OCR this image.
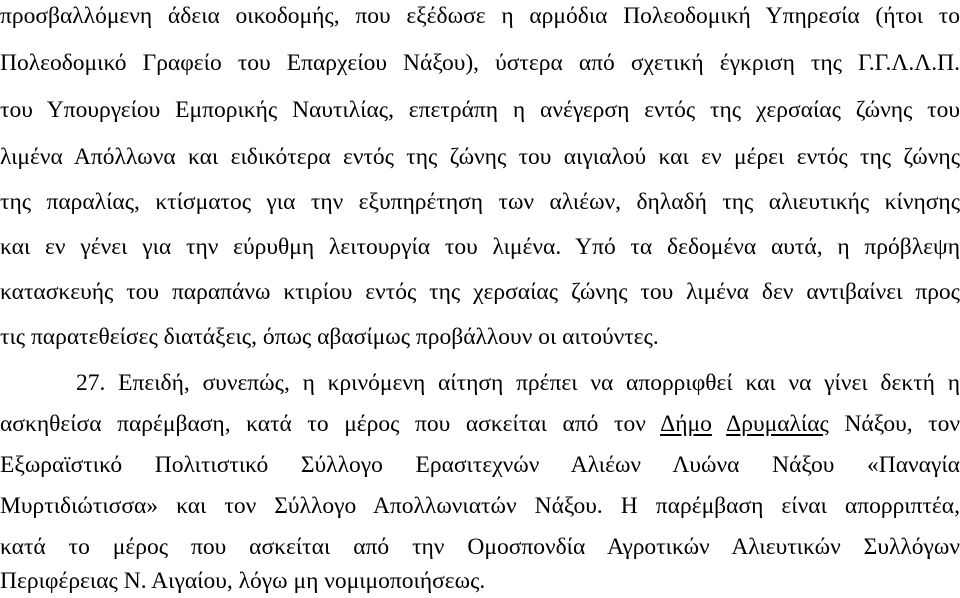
προσβαλλόμενη άδεια οικοδομής, που εξέδωσε η αρμόδια Πολεοδομική Υπηρεσία (ήτοι το
Πολεοδομικό Γραφείο του Επαρχείου Νάξου), ύστερα από σχετική έγκριση της Γ.Γ.Λ.Λ.Π.
του Υπουργείου Εμπορικής Ναυτιλίας, επετράπη η ανέγερση εντός της χερσαίας ζώνης του
λιμένα Απόλλωνα και ειδικότερα εντός της ζώνης του αιγιαλού και εν μέρει εντός της ζώνης
της παραλίας, κτίσματος για την εξυπηρέτηση των αλιέων, δηλαδή της αλιευτικής κίνησης
και εν γένει για την εύρυθμη λειτουργία του λιμένα. Υπό τα δεδομένα αυτά, η πρόβλεψη
κατασκευής του παραπάνω κτιρίου εντός της χερσαίας ζώνης του λιμένα δεν αντιβαίνει προς
τις παρατεθείσες διατάξεις, όπως αβασίμως προβάλλουν οι αιτούντες.
27. Επειδή, συνεπώς, η κρινόμενη αίτηση πρέπει να απορριφθεί και να γίνει δεκτή η
ασκηθείσα παρέμβαση, κατά το μέρος που ασκείται από τον Δήμο Δρυμαλίας Νάξου, τον
Εξωραϊστικό Πολιτιστικό Σύλλογο Ερασιτεχνών Αλιέων Λυώνα Νάξου «Παναγία
Μυρτιδιώτισσα» και τον Σύλλογο Απολλωνιατών Νάξου. Η παρέμβαση είναι απορριπτέα,
κατά το μέρος που ασκείται από την Ομοσπονδία Αγροτικών Αλιευτικών Συλλόγων
Περιφέρειας Ν. Αιγαίου, λόγω μη νομιμοποιήσεως.
